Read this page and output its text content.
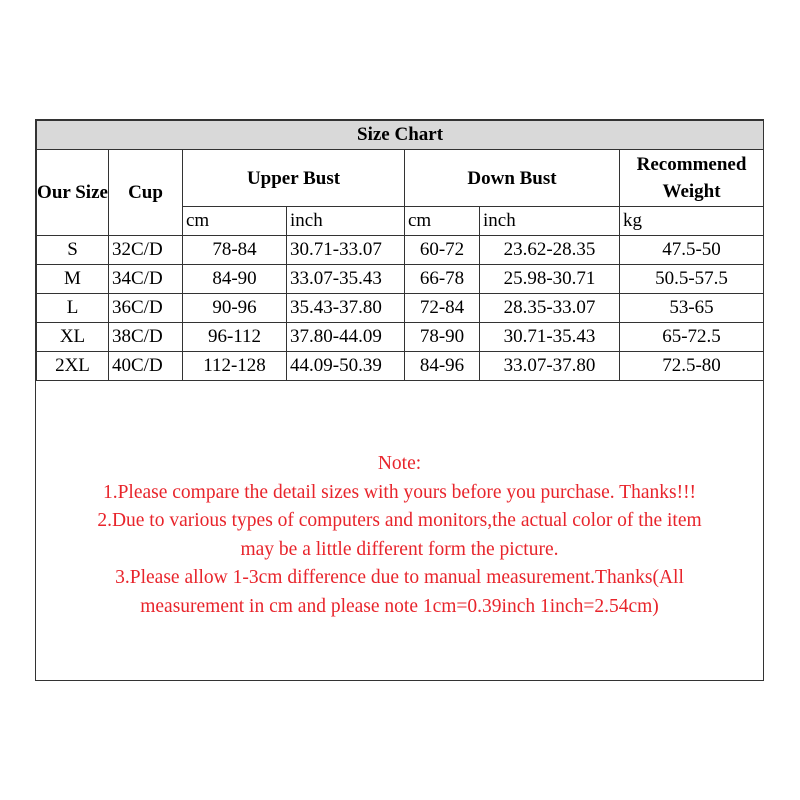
Size Chart						
Our Size	Cup	Upper Bust		Down Bust		Recommened Weight
		cm	inch	cm	inch	kg
S	32C/D	78-84	30.71-33.07	60-72	23.62-28.35	47.5-50
M	34C/D	84-90	33.07-35.43	66-78	25.98-30.71	50.5-57.5
L	36C/D	90-96	35.43-37.80	72-84	28.35-33.07	53-65
XL	38C/D	96-112	37.80-44.09	78-90	30.71-35.43	65-72.5
2XL	40C/D	112-128	44.09-50.39	84-96	33.07-37.80	72.5-80
Note:
1.Please compare the detail sizes with yours before you purchase. Thanks!!!
2.Due to various types of computers and monitors,the actual color of the item
may be a little different form the picture.
3.Please allow 1-3cm difference due to manual measurement.Thanks(All
measurement in cm and please note 1cm=0.39inch 1inch=2.54cm)
